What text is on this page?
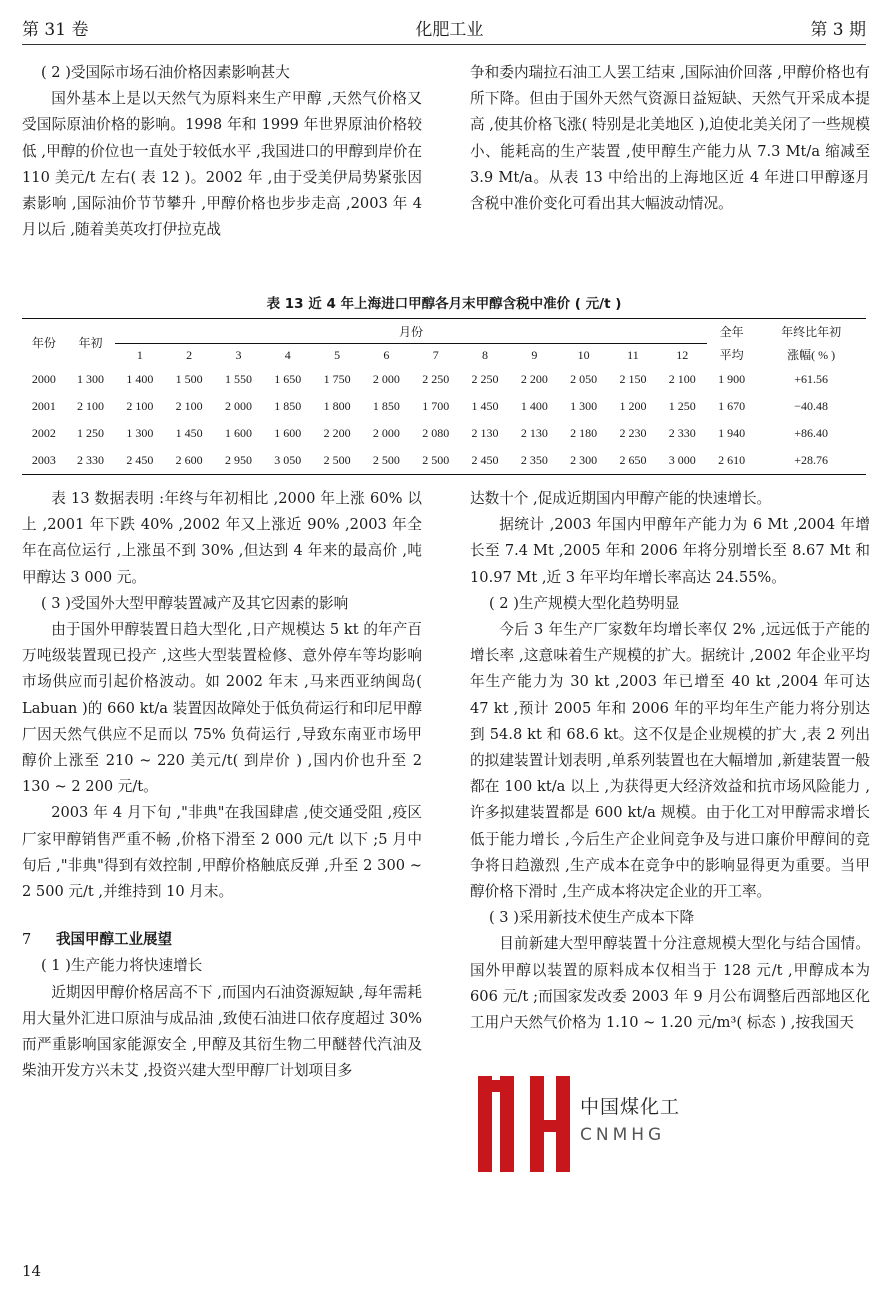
第 31 卷	化肥工业	第 3 期

( 2 )受国际市场石油价格因素影响甚大

国外基本上是以天然气为原料来生产甲醇 ,天然气价格又受国际原油价格的影响。1998 年和 1999 年世界原油价格较低 ,甲醇的价位也一直处于较低水平 ,我国进口的甲醇到岸价在 110 美元/t 左右( 表 12 )。2002 年 ,由于受美伊局势紧张因素影响 ,国际油价节节攀升 ,甲醇价格也步步走高 ,2003 年 4 月以后 ,随着美英攻打伊拉克战

争和委内瑞拉石油工人罢工结束 ,国际油价回落 ,甲醇价格也有所下降。但由于国外天然气资源日益短缺、天然气开采成本提高 ,使其价格飞涨( 特别是北美地区 ),迫使北美关闭了一些规模小、能耗高的生产装置 ,使甲醇生产能力从 7.3 Mt/a 缩减至 3.9 Mt/a。从表 13 中给出的上海地区近 4 年进口甲醇逐月含税中准价变化可看出其大幅波动情况。

表 13 近 4 年上海进口甲醇各月末甲醇含税中准价 ( 元/t )
年份	年初	月份												全年	年终比年初
		1	2	3	4	5	6	7	8	9	10	11	12	平均	涨幅( % )
2000	1 300	1 400	1 500	1 550	1 650	1 750	2 000	2 250	2 250	2 200	2 050	2 150	2 100	1 900	+61.56
2001	2 100	2 100	2 100	2 000	1 850	1 800	1 850	1 700	1 450	1 400	1 300	1 200	1 250	1 670	−40.48
2002	1 250	1 300	1 450	1 600	1 600	2 200	2 000	2 080	2 130	2 130	2 180	2 230	2 330	1 940	+86.40
2003	2 330	2 450	2 600	2 950	3 050	2 500	2 500	2 500	2 450	2 350	2 300	2 650	3 000	2 610	+28.76

表 13 数据表明 :年终与年初相比 ,2000 年上涨 60% 以上 ,2001 年下跌 40% ,2002 年又上涨近 90% ,2003 年全年在高位运行 ,上涨虽不到 30% ,但达到 4 年来的最高价 ,吨甲醇达 3 000 元。

( 3 )受国外大型甲醇装置减产及其它因素的影响

由于国外甲醇装置日趋大型化 ,日产规模达 5 kt 的年产百万吨级装置现已投产 ,这些大型装置检修、意外停车等均影响市场供应而引起价格波动。如 2002 年末 ,马来西亚纳闽岛( Labuan )的 660 kt/a 装置因故障处于低负荷运行和印尼甲醇厂因天然气供应不足而以 75% 负荷运行 ,导致东南亚市场甲醇价上涨至 210 ~ 220 美元/t( 到岸价 ) ,国内价也升至 2 130 ~ 2 200 元/t。

2003 年 4 月下旬 ,"非典"在我国肆虐 ,使交通受阻 ,疫区厂家甲醇销售严重不畅 ,价格下滑至 2 000 元/t 以下 ;5 月中旬后 ,"非典"得到有效控制 ,甲醇价格触底反弹 ,升至 2 300 ~ 2 500 元/t ,并维持到 10 月末。

7 我国甲醇工业展望

( 1 )生产能力将快速增长

近期因甲醇价格居高不下 ,而国内石油资源短缺 ,每年需耗用大量外汇进口原油与成品油 ,致使石油进口依存度超过 30% 而严重影响国家能源安全 ,甲醇及其衍生物二甲醚替代汽油及柴油开发方兴未艾 ,投资兴建大型甲醇厂计划项目多

达数十个 ,促成近期国内甲醇产能的快速增长。

据统计 ,2003 年国内甲醇年产能力为 6 Mt ,2004 年增长至 7.4 Mt ,2005 年和 2006 年将分别增长至 8.67 Mt 和 10.97 Mt ,近 3 年平均年增长率高达 24.55%。

( 2 )生产规模大型化趋势明显

今后 3 年生产厂家数年均增长率仅 2% ,远远低于产能的增长率 ,这意味着生产规模的扩大。据统计 ,2002 年企业平均年生产能力为 30 kt ,2003 年已增至 40 kt ,2004 年可达 47 kt ,预计 2005 年和 2006 年的平均年生产能力将分别达到 54.8 kt 和 68.6 kt。这不仅是企业规模的扩大 ,表 2 列出的拟建装置计划表明 ,单系列装置也在大幅增加 ,新建装置一般都在 100 kt/a 以上 ,为获得更大经济效益和抗市场风险能力 ,许多拟建装置都是 600 kt/a 规模。由于化工对甲醇需求增长低于能力增长 ,今后生产企业间竞争及与进口廉价甲醇间的竞争将日趋激烈 ,生产成本在竞争中的影响显得更为重要。当甲醇价格下滑时 ,生产成本将决定企业的开工率。

( 3 )采用新技术使生产成本下降

目前新建大型甲醇装置十分注意规模大型化与结合国情。国外甲醇以装置的原料成本仅相当于 128 元/t ,甲醇成本为 606 元/t ;而国家发改委 2003 年 9 月公布调整后西部地区化工用户天然气价格为 1.10 ~ 1.20 元/m³( 标态 ) ,按我国天

中国煤化工
CNMHG
14
